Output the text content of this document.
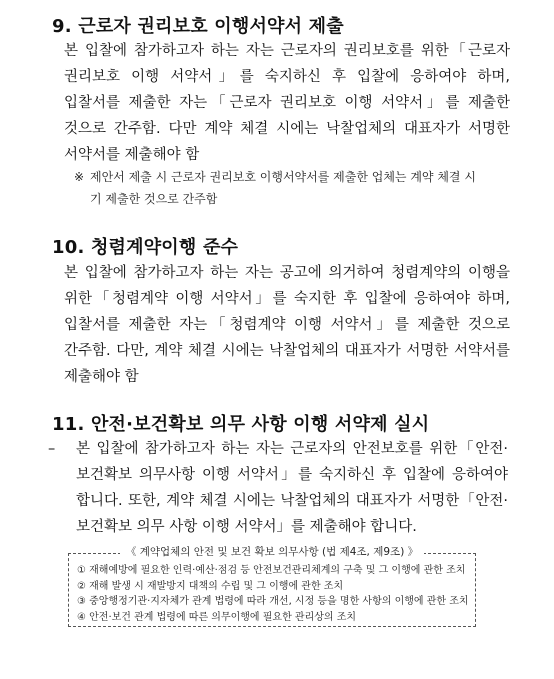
9. 근로자 권리보호 이행서약서 제출
본 입찰에 참가하고자 하는 자는 근로자의 권리보호를 위한「근로자 권리보호 이행 서약서」를 숙지하신 후 입찰에 응하여야 하며, 입찰서를 제출한 자는「근로자 권리보호 이행 서약서」를 제출한 것으로 간주함. 다만 계약 체결 시에는 낙찰업체의 대표자가 서명한 서약서를 제출해야 함
※ 제안서 제출 시 근로자 권리보호 이행서약서를 제출한 업체는 계약 체결 시
기 제출한 것으로 간주함
10. 청렴계약이행 준수
본 입찰에 참가하고자 하는 자는 공고에 의거하여 청렴계약의 이행을 위한「청렴계약 이행 서약서」를 숙지한 후 입찰에 응하여야 하며, 입찰서를 제출한 자는「청렴계약 이행 서약서」를 제출한 것으로 간주함. 다만, 계약 체결 시에는 낙찰업체의 대표자가 서명한 서약서를 제출해야 함
11. 안전·보건확보 의무 사항 이행 서약제 실시
– 본 입찰에 참가하고자 하는 자는 근로자의 안전보호를 위한「안전·보건확보 의무사항 이행 서약서」를 숙지하신 후 입찰에 응하여야 합니다. 또한, 계약 체결 시에는 낙찰업체의 대표자가 서명한「안전·보건확보 의무 사항 이행 서약서」를 제출해야 합니다.
《 계약업체의 안전 및 보건 확보 의무사항 (법 제4조, 제9조) 》
① 재해예방에 필요한 인력·예산·점검 등 안전보건관리체계의 구축 및 그 이행에 관한 조치
② 재해 발생 시 재발방지 대책의 수립 및 그 이행에 관한 조치
③ 중앙행정기관·지자체가 관계 법령에 따라 개선, 시정 등을 명한 사항의 이행에 관한 조치
④ 안전·보건 관계 법령에 따른 의무이행에 필요한 관리상의 조치
